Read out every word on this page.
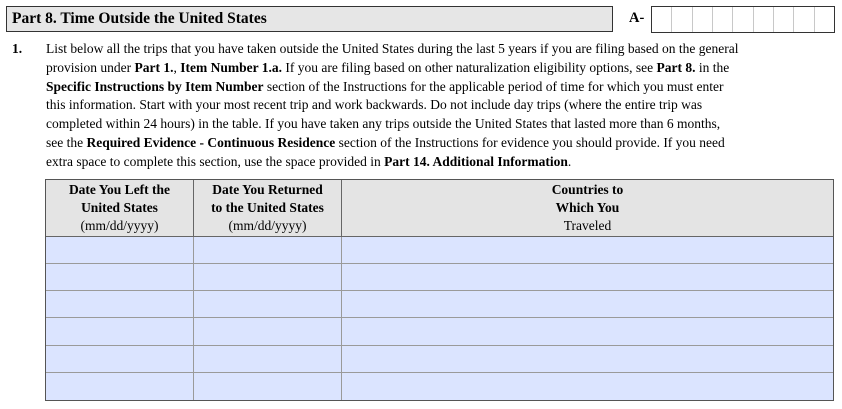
Part 8. Time Outside the United States	A-
1. List below all the trips that you have taken outside the United States during the last 5 years if you are filing based on the general
provision under Part 1., Item Number 1.a. If you are filing based on other naturalization eligibility options, see Part 8. in the
Specific Instructions by Item Number section of the Instructions for the applicable period of time for which you must enter
this information. Start with your most recent trip and work backwards. Do not include day trips (where the entire trip was
completed within 24 hours) in the table. If you have taken any trips outside the United States that lasted more than 6 months,
see the Required Evidence - Continuous Residence section of the Instructions for evidence you should provide. If you need
extra space to complete this section, use the space provided in Part 14. Additional Information.
Date You Left the
United States
(mm/dd/yyyy)
Date You Returned
to the United States
(mm/dd/yyyy)
Countries to
Which You
Traveled
